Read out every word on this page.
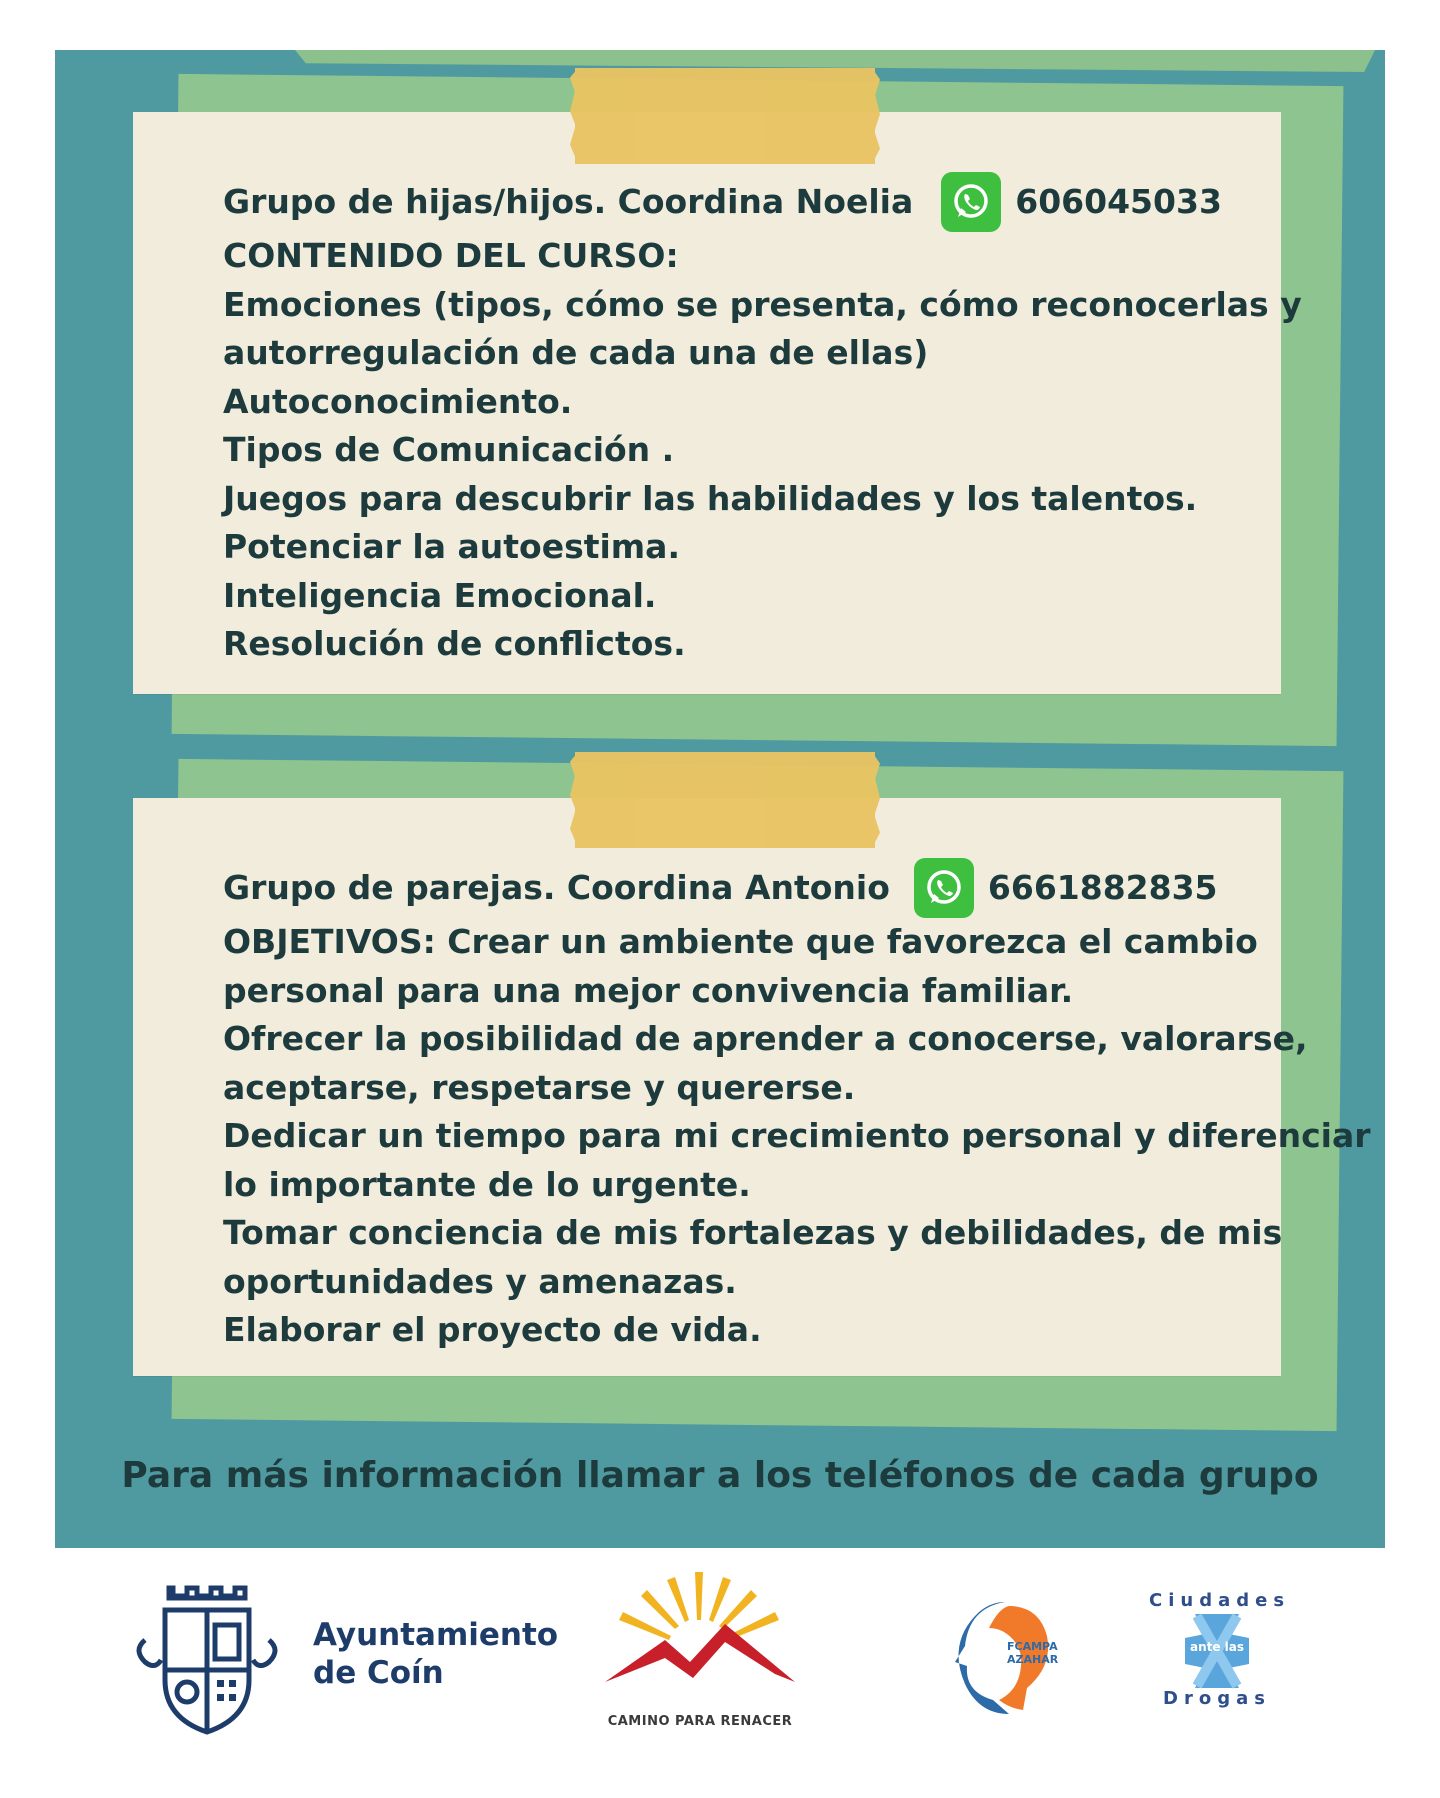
Grupo de hijas/hijos. Coordina Noelia	606045033
CONTENIDO DEL CURSO:
Emociones (tipos, cómo se presenta, cómo reconocerlas y
autorregulación de cada una de ellas)
Autoconocimiento.
Tipos de Comunicación .
Juegos para descubrir las habilidades y los talentos.
Potenciar la autoestima.
Inteligencia Emocional.
Resolución de conflictos.
Grupo de parejas. Coordina Antonio	6661882835
OBJETIVOS: Crear un ambiente que favorezca el cambio
personal para una mejor convivencia familiar.
Ofrecer la posibilidad de aprender a conocerse, valorarse,
aceptarse, respetarse y quererse.
Dedicar un tiempo para mi crecimiento personal y diferenciar
lo importante de lo urgente.
Tomar conciencia de mis fortalezas y debilidades, de mis
oportunidades y amenazas.
Elaborar el proyecto de vida.
Para más información llamar a los teléfonos de cada grupo
Ayuntamiento
de Coín
CAMINO PARA RENACER
FCAMPA
AZAHAR
Ciudades
ante las
Drogas
